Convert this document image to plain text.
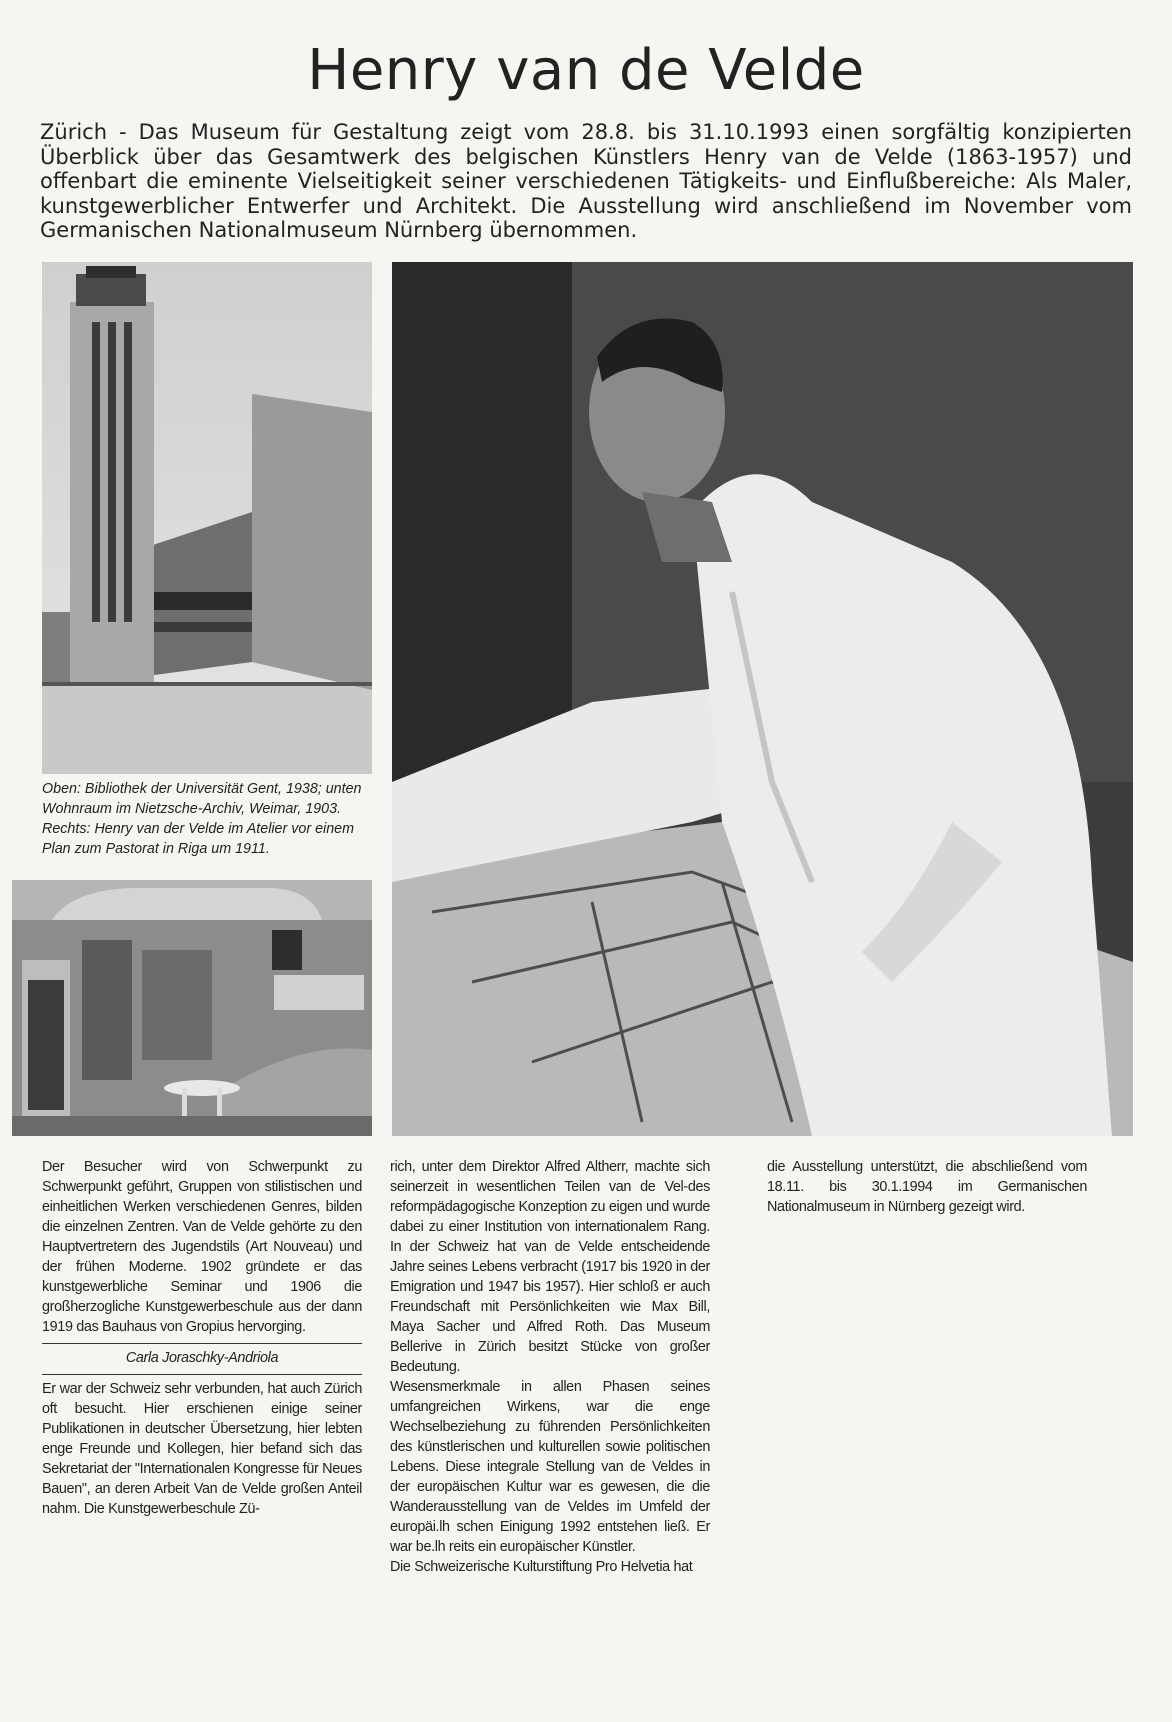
Henry van de Velde

Zürich - Das Museum für Gestaltung zeigt vom 28.8. bis 31.10.1993 einen sorgfältig konzipierten Überblick über das Gesamtwerk des belgischen Künstlers Henry van de Velde (1863-1957) und offenbart die eminente Vielseitigkeit seiner verschiedenen Tätigkeits- und Einflußbereiche: Als Maler, kunstgewerblicher Entwerfer und Architekt. Die Ausstellung wird anschließend im November vom Germanischen Nationalmuseum Nürnberg übernommen.

Oben: Bibliothek der Universität Gent, 1938; unten Wohnraum im Nietzsche-Archiv, Weimar, 1903. Rechts: Henry van der Velde im Atelier vor einem Plan zum Pastorat in Riga um 1911.

Der Besucher wird von Schwerpunkt zu Schwerpunkt geführt, Gruppen von stilistischen und einheitlichen Werken verschiedenen Genres, bilden die einzelnen Zentren. Van de Velde gehörte zu den Hauptvertretern des Jugendstils (Art Nouveau) und der frühen Moderne. 1902 gründete er das kunstgewerbliche Seminar und 1906 die großherzogliche Kunstgewerbeschule aus der dann 1919 das Bauhaus von Gropius hervorging.

Carla Joraschky-Andriola

Er war der Schweiz sehr verbunden, hat auch Zürich oft besucht. Hier erschienen einige seiner Publikationen in deutscher Übersetzung, hier lebten enge Freunde und Kollegen, hier befand sich das Sekretariat der "Internationalen Kongresse für Neues Bauen", an deren Arbeit Van de Velde großen Anteil nahm. Die Kunstgewerbeschule Zü-

rich, unter dem Direktor Alfred Altherr, machte sich seinerzeit in wesentlichen Teilen van de Vel-des reformpädagogische Konzeption zu eigen und wurde dabei zu einer Institution von internationalem Rang. In der Schweiz hat van de Velde entscheidende Jahre seines Lebens verbracht (1917 bis 1920 in der Emigration und 1947 bis 1957). Hier schloß er auch Freundschaft mit Persönlichkeiten wie Max Bill, Maya Sacher und Alfred Roth. Das Museum Bellerive in Zürich besitzt Stücke von großer Bedeutung.

Wesensmerkmale in allen Phasen seines umfangreichen Wirkens, war die enge Wechselbeziehung zu führenden Persönlichkeiten des künstlerischen und kulturellen sowie politischen Lebens. Diese integrale Stellung van de Veldes in der europäischen Kultur war es gewesen, die die Wanderausstellung van de Veldes im Umfeld der europäi.lh schen Einigung 1992 entstehen ließ. Er war be.lh reits ein europäischer Künstler.

Die Schweizerische Kulturstiftung Pro Helvetia hat

die Ausstellung unterstützt, die abschließend vom 18.11. bis 30.1.1994 im Germanischen Nationalmuseum in Nürnberg gezeigt wird.
